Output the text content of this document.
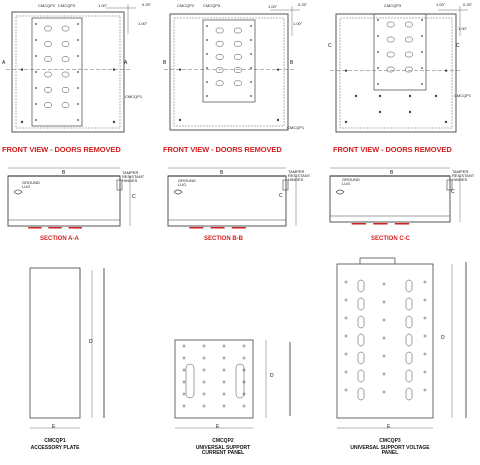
FRONT VIEW - DOORS REMOVED	FRONT VIEW - DOORS REMOVED	FRONT VIEW - DOORS REMOVED
CMCQP2 CMCQP3	1.00"	0.25"
1.00"
CMCQP1
A	A
CMCQP2 CMCQP3	1.00"	0.25"
1.00"
CMCQP1
B	B
CMCQP3	1.00"	0.25"
1.00"
CMCQP1
C	C
SECTION A-A	SECTION B-B	SECTION C-C
GROUND LUG
TAMPER RESISTANT HINGES
B
C
GROUND LUG
TAMPER RESISTANT HINGES
B
C
GROUND LUG
TAMPER RESISTANT HINGES
B
C
D
E
D
E
D
E
CMCQP1
ACCESSORY PLATE
CMCQP2
UNIVERSAL SUPPORT CURRENT PANEL
CMCQP3
UNIVERSAL SUPPORT VOLTAGE PANEL
